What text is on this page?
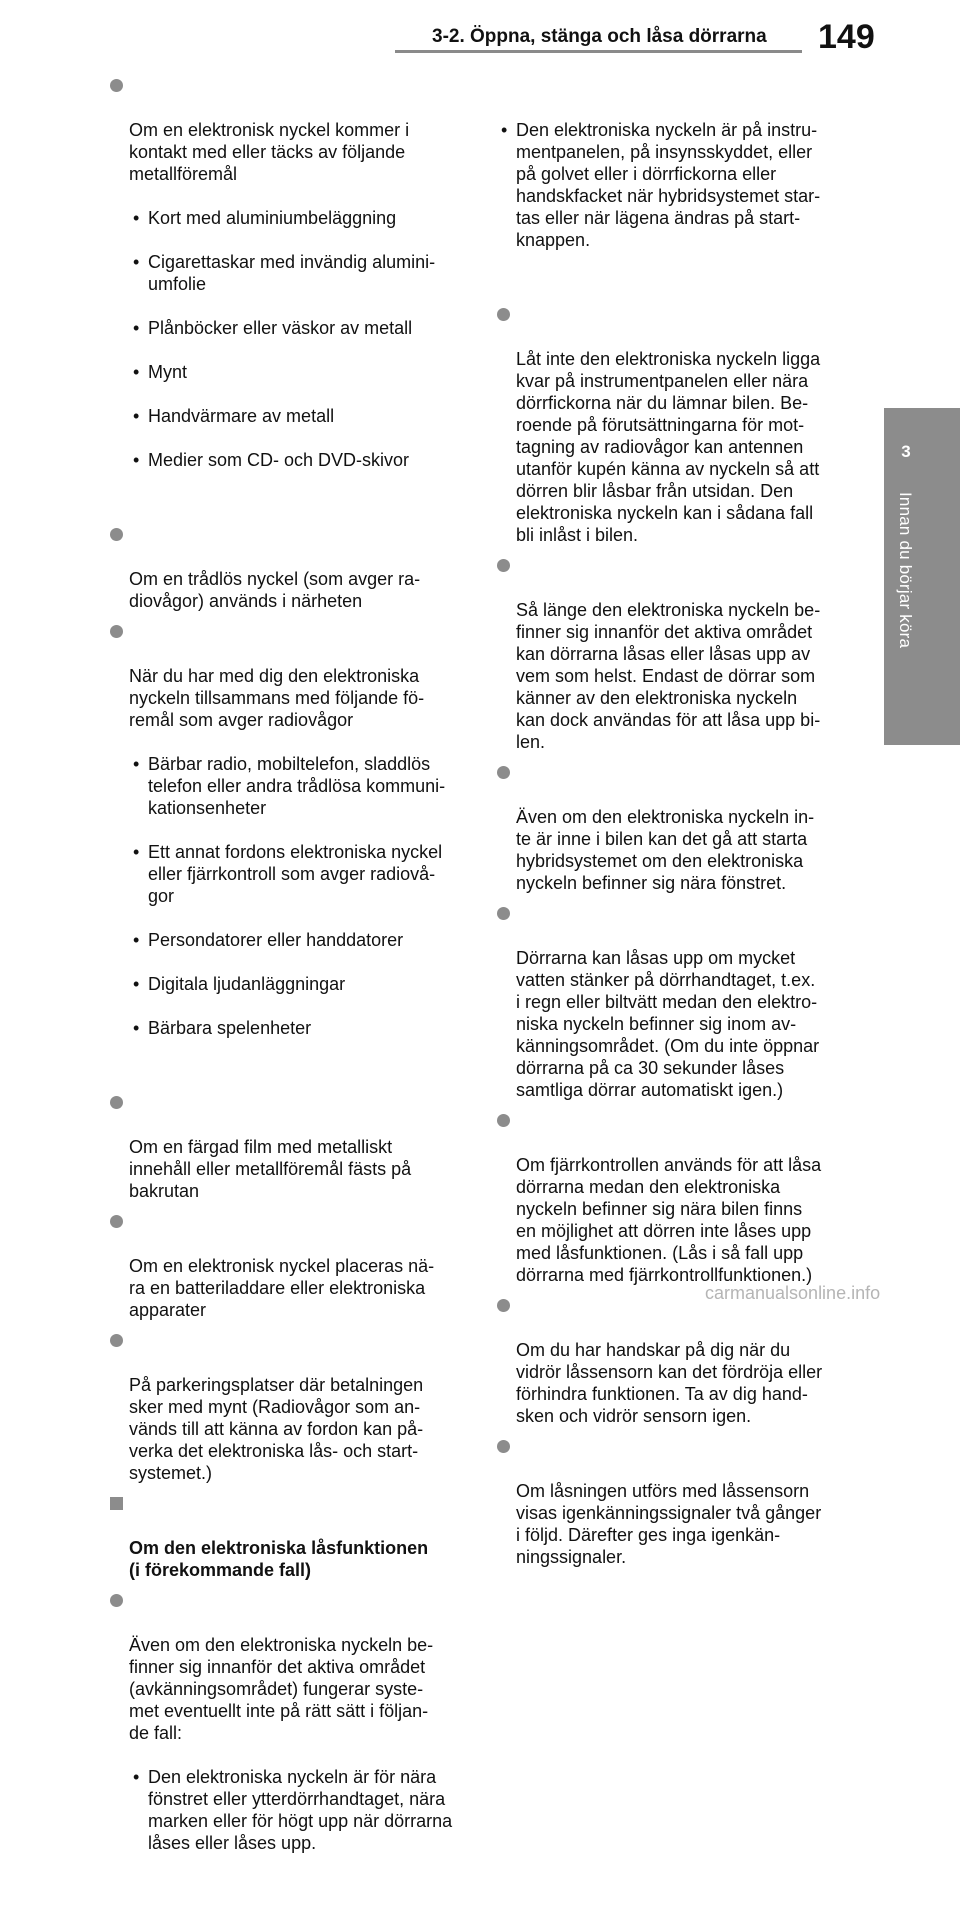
3-2. Öppna, stänga och låsa dörrarna 149
3
Innan du börjar köra

Om en elektronisk nyckel kommer i
kontakt med eller täcks av följande
metallföremål

• Kort med aluminiumbeläggning

• Cigarettaskar med invändig alumini-
umfolie

• Plånböcker eller väskor av metall

• Mynt

• Handvärmare av metall

• Medier som CD- och DVD-skivor

Om en trådlös nyckel (som avger ra-
diovågor) används i närheten

När du har med dig den elektroniska
nyckeln tillsammans med följande fö-
remål som avger radiovågor

• Bärbar radio, mobiltelefon, sladdlös
telefon eller andra trådlösa kommuni-
kationsenheter

• Ett annat fordons elektroniska nyckel
eller fjärrkontroll som avger radiovå-
gor

• Persondatorer eller handdatorer

• Digitala ljudanläggningar

• Bärbara spelenheter

Om en färgad film med metalliskt
innehåll eller metallföremål fästs på
bakrutan

Om en elektronisk nyckel placeras nä-
ra en batteriladdare eller elektroniska
apparater

På parkeringsplatser där betalningen
sker med mynt (Radiovågor som an-
vänds till att känna av fordon kan på-
verka det elektroniska lås- och start-
systemet.)

Om den elektroniska låsfunktionen
(i förekommande fall)

Även om den elektroniska nyckeln be-
finner sig innanför det aktiva området
(avkänningsområdet) fungerar syste-
met eventuellt inte på rätt sätt i följan-
de fall:

• Den elektroniska nyckeln är för nära
fönstret eller ytterdörrhandtaget, nära
marken eller för högt upp när dörrarna
låses eller låses upp.

• Den elektroniska nyckeln är på instru-
mentpanelen, på insynsskyddet, eller
på golvet eller i dörrfickorna eller
handskfacket när hybridsystemet star-
tas eller när lägena ändras på start-
knappen.

Låt inte den elektroniska nyckeln ligga
kvar på instrumentpanelen eller nära
dörrfickorna när du lämnar bilen. Be-
roende på förutsättningarna för mot-
tagning av radiovågor kan antennen
utanför kupén känna av nyckeln så att
dörren blir låsbar från utsidan. Den
elektroniska nyckeln kan i sådana fall
bli inlåst i bilen.

Så länge den elektroniska nyckeln be-
finner sig innanför det aktiva området
kan dörrarna låsas eller låsas upp av
vem som helst. Endast de dörrar som
känner av den elektroniska nyckeln
kan dock användas för att låsa upp bi-
len.

Även om den elektroniska nyckeln in-
te är inne i bilen kan det gå att starta
hybridsystemet om den elektroniska
nyckeln befinner sig nära fönstret.

Dörrarna kan låsas upp om mycket
vatten stänker på dörrhandtaget, t.ex.
i regn eller biltvätt medan den elektro-
niska nyckeln befinner sig inom av-
känningsområdet. (Om du inte öppnar
dörrarna på ca 30 sekunder låses
samtliga dörrar automatiskt igen.)

Om fjärrkontrollen används för att låsa
dörrarna medan den elektroniska
nyckeln befinner sig nära bilen finns
en möjlighet att dörren inte låses upp
med låsfunktionen. (Lås i så fall upp
dörrarna med fjärrkontrollfunktionen.)

Om du har handskar på dig när du
vidrör låssensorn kan det fördröja eller
förhindra funktionen. Ta av dig hand-
sken och vidrör sensorn igen.

Om låsningen utförs med låssensorn
visas igenkänningssignaler två gånger
i följd. Därefter ges inga igenkän-
ningssignaler.

carmanualsonline.info
